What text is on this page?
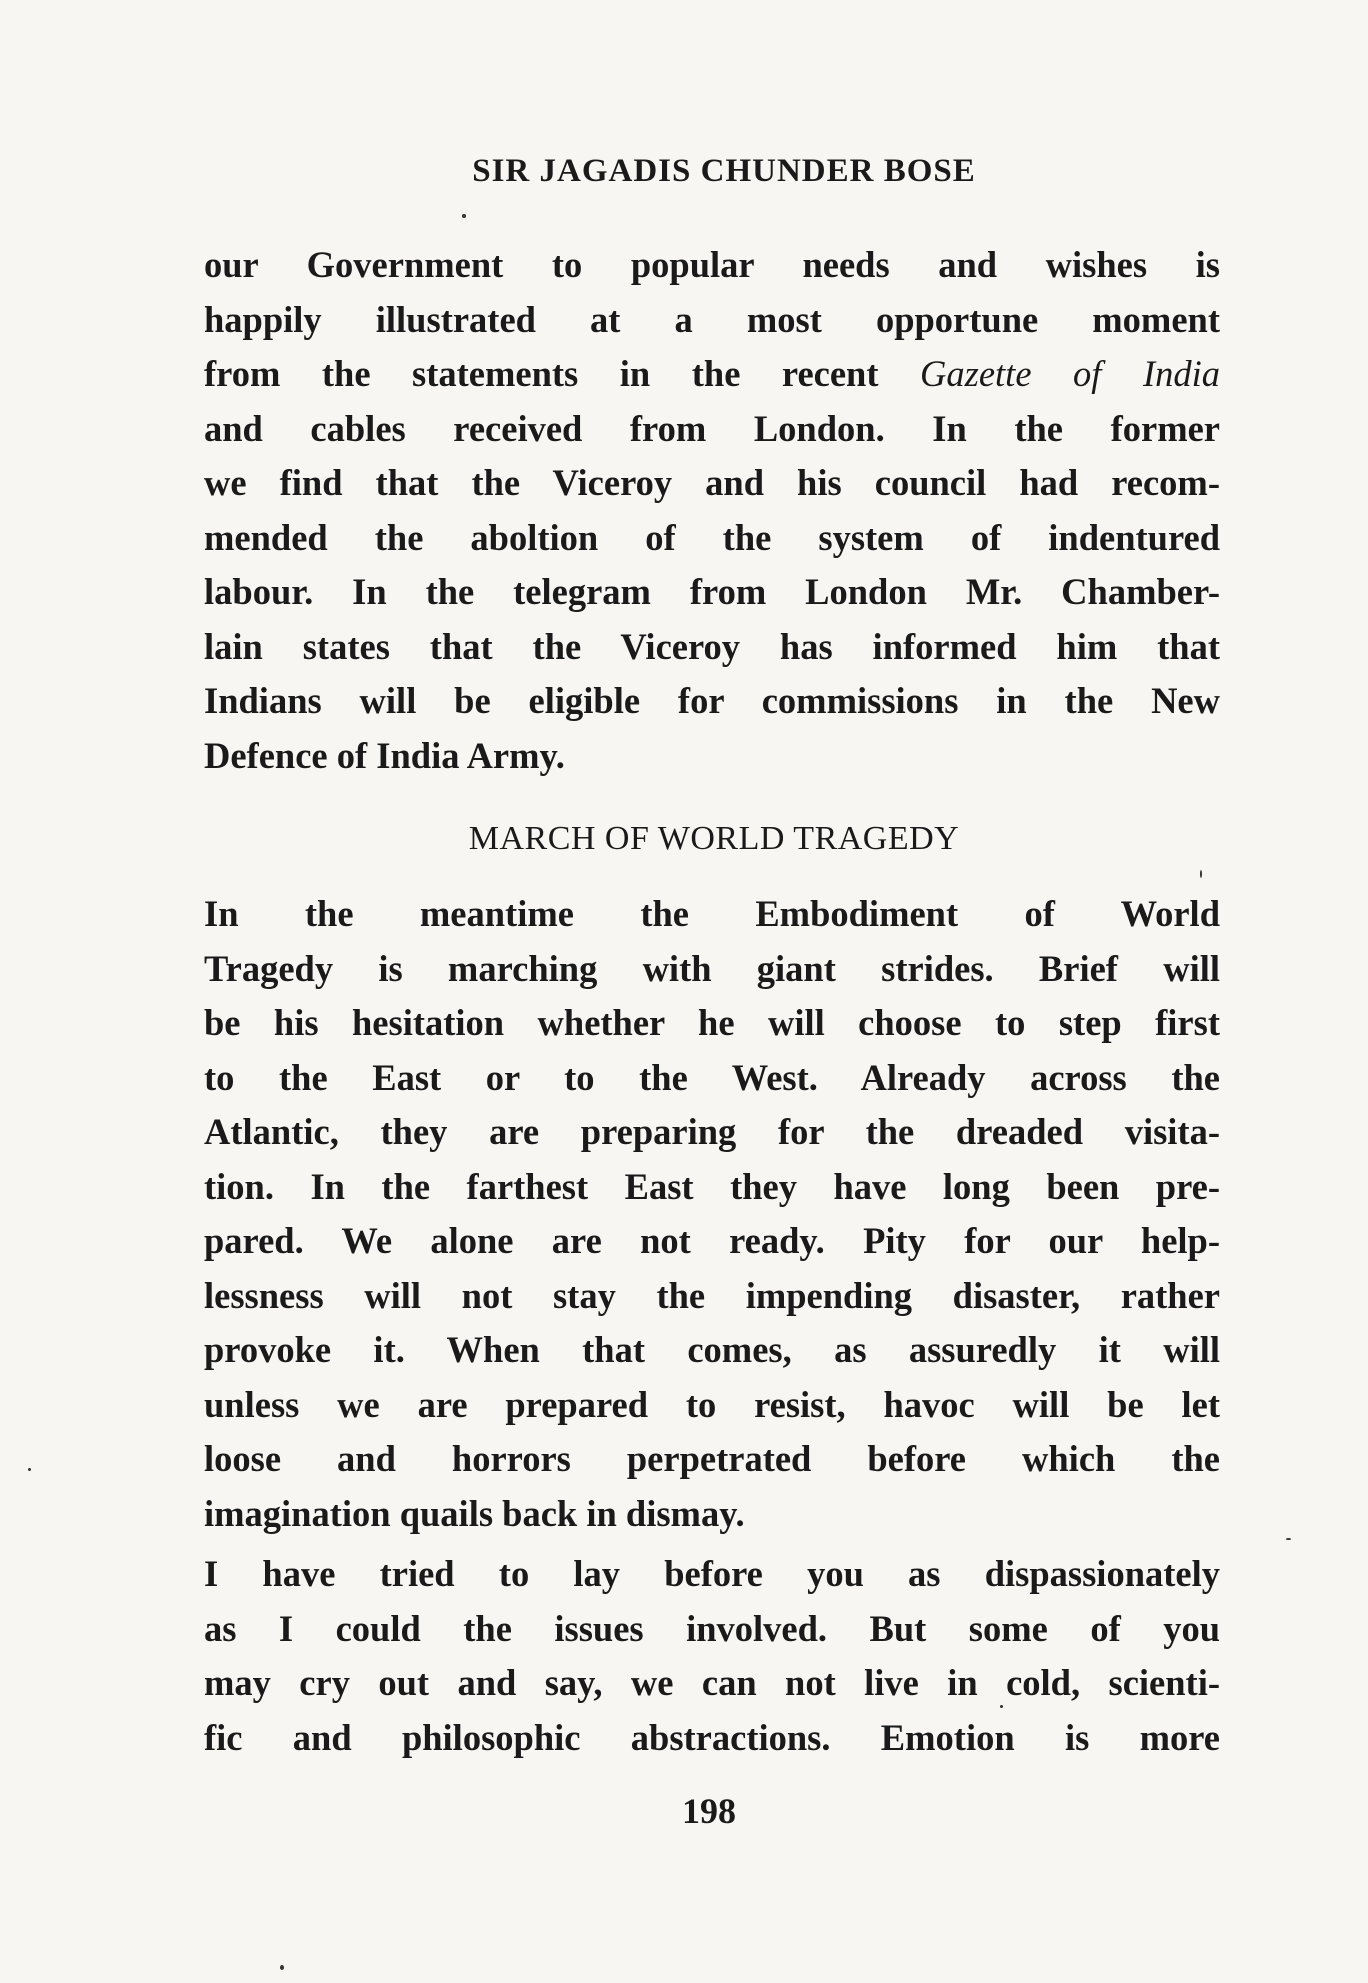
SIR JAGADIS CHUNDER BOSE
our Government to popular needs and wishes is
happily illustrated at a most opportune moment
from the statements in the recent Gazette of India
and cables received from London. In the former
we find that the Viceroy and his council had recom-
mended the aboltion of the system of indentured
labour. In the telegram from London Mr. Chamber-
lain states that the Viceroy has informed him that
Indians will be eligible for commissions in the New
Defence of India Army.
MARCH OF WORLD TRAGEDY
In the meantime the Embodiment of World
Tragedy is marching with giant strides. Brief will
be his hesitation whether he will choose to step first
to the East or to the West. Already across the
Atlantic, they are preparing for the dreaded visita-
tion. In the farthest East they have long been pre-
pared. We alone are not ready. Pity for our help-
lessness will not stay the impending disaster, rather
provoke it. When that comes, as assuredly it will
unless we are prepared to resist, havoc will be let
loose and horrors perpetrated before which the
imagination quails back in dismay.
I have tried to lay before you as dispassionately
as I could the issues involved. But some of you
may cry out and say, we can not live in cold, scienti-
fic and philosophic abstractions. Emotion is more
198
